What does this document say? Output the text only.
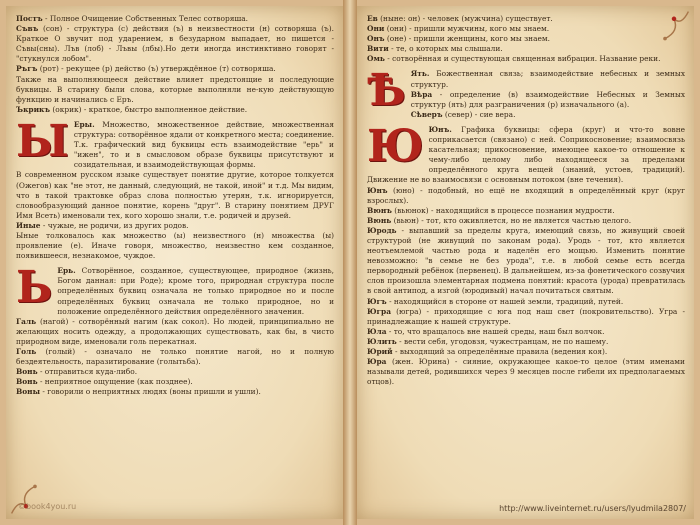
Постъ - Полное Очищение Собственных Телес сотворяша.

Съвъ (сон) - структура (с) действия (ъ) в неизвестности (н) сотворяша (ъ). Краткое О звучит под ударением, в безударном выпадает, но пишется - Съвы(сны). Лъв (лоб) - Лъвы (лбы).Но дети иногда инстинктивно говорят - "стукнулся лобом".

Ръгъ (рот) - рекущее (р) действо (ъ) утверждённое (т) сотворяша.

Также на выполняющееся действие влияет предстоящие и последующие буквицы. В старину были слова, которые выполняли не-кую действующую функцию и начинались с Еръ.

Ъкрикъ (окрик) - краткое, быстро выполненное действие.

Ы Еры. Множество, множественное действие, множественная структура: сотворённое ядали от конкретного места; соединение. Т.к. графический вид буквицы есть взаимодействие "ерь" и "ижен", то и в смысловом образе буквицы присутствуют и созидательная, и взаимодействующая формы.

В современном русском языке существует понятие другие, которое толкуется (Ожегов) как "не этот, не данный, следующий, не такой, иной" и т.д. Мы видим, что в такой трактовке образ слова полностью утерян, т.к. игнорируется, словообразующий данное понятие, корень "друг". В старину понятием ДРУГ Имя Всеть) именовали тех, кого хорошо знали, т.е. родичей и друзей.

Иные - чужые, не родичи, из других родов.

Ыные толковалось как множество (ы) неизвестного (н) множества (ы) проявление (е). Иначе говоря, множество, неизвестно кем созданное, появившееся, незнакомое, чуждое.

Ь Ерь. Сотворённое, созданное, существующее, природное (жизнь, Богом данная: при Роде); кроме того, природная структура после определённых буквиц означала не только природное но и после определённых буквиц означала не только природное, но и положение определённого действия определённого значения.

Галь (нагой) - сотворённый нагим (как сокол). Но людей, принципиально не желающих носить одежду, а продолжающих существовать, как бы, в чисто природном виде, именовали голь перекатная.

Голь (голый) - означало не только понятие нагой, но и полную бездеятельность, паразитирование (голытьба).

Вонь - отправиться куда-либо.

Вонь - неприятное ощущение (как позднее).

Воны - говорили о неприятных людях (воны пришли и ушли).

©book4you.ru

Ев (ныне: он) - человек (мужчина) существует.

Они (они) - пришли мужчины, кого мы знаем.

Онъ (оне) - пришли женщины, кого мы знаем.

Вити - те, о которых мы слышали.

Омь - сотворённая и существующая священная вибрация. Название реки.

Ѣ Ять. Божественная связь; взаимодействие небесных и земных структур.

Вѣра - определение (в) взаимодействие Небесных и Земных структур (ять) для разграничения (р) изначального (а).

Сѣверъ (север) - сие вера.

Ю Юнъ. Графика буквицы: сфера (круг) и что-то вовне соприкасается (связано) с ней. Соприкосновение; взаимосвязь касательная; прикосновение, имеющее какое-то отношение к чему-либо целому либо находящееся за пределами определённого круга вещей (знаний, устоев, традиций). Движение не во взаимосвязи с основным потоком (вне течения).

Юнъ (юно) - подобный, но ещё не входящий в определённый круг (круг взрослых).

Вюнъ (вьюнок) - находящийся в процессе познания мудрости.

Вюнь (вьюн) - тот, кто оживляется, но не является частью целого.

Юродь - выпавший за пределы круга, имеющий связь, но живущий своей структурой (не живущий по законам рода). Уродь - тот, кто является неотъемлемой частью рода и наделён его мощью. Изменить понятие невозможно: "в семье не без урода", т.е. в любой семье есть всегда первородный ребёнок (первенец). В дальнейшем, из-за фонетического созвучия слов произошла элементарная подмена понятий: красота (урода) превратилась в свой антипод, а изгой (юродивый) начал почитаться святым.

Югъ - находящийся в стороне от нашей земли, традиций, путей.

Югра (югра) - приходящие с юга под наш свет (покровительство). Угра - принадлежащие к нашей структуре.

Юла - то, что вращалось вне нашей среды, наш был волчок.

Юлить - вести себя, угодовзя, чужестранцам, не по нашему.

Юрий - выходящий за определённые правила (ведения коя).

Юра (жен. Юрина) - сияние, окружающее какое-то целое (этим именами называли детей, родившихся через 9 месяцев после гибели их предполагаемых отцов).

http://www.liveinternet.ru/users/lyudmila2807/
